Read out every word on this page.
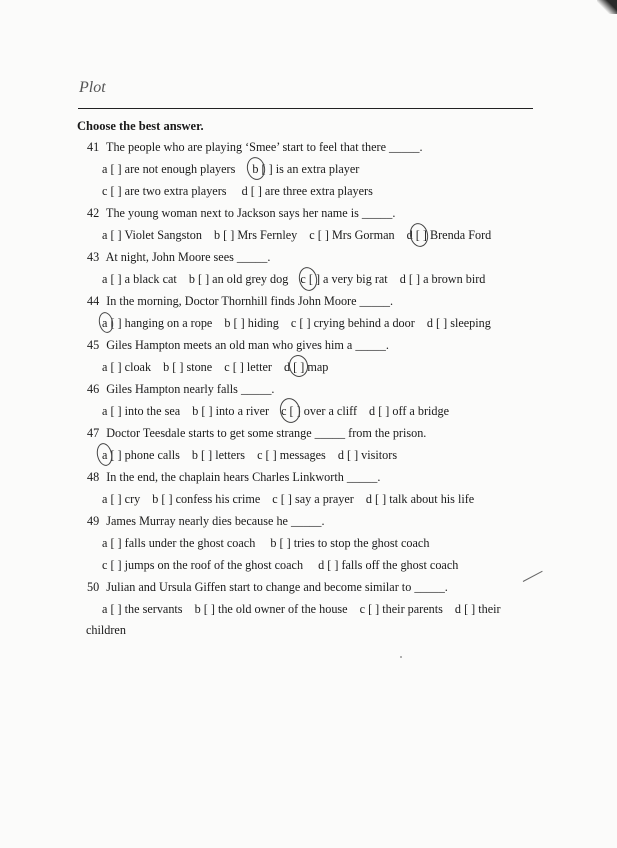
Plot
Choose the best answer.
41 The people who are playing ‘Smee’ start to feel that there _____.
a [ ] are not enough players b [ ] is an extra player
c [ ] are two extra players d [ ] are three extra players
42 The young woman next to Jackson says her name is _____.
a [ ] Violet Sangston b [ ] Mrs Fernley c [ ] Mrs Gorman d [ ] Brenda Ford
43 At night, John Moore sees _____.
a [ ] a black cat b [ ] an old grey dog c [ ] a very big rat d [ ] a brown bird
44 In the morning, Doctor Thornhill finds John Moore _____.
a [ ] hanging on a rope b [ ] hiding c [ ] crying behind a door d [ ] sleeping
45 Giles Hampton meets an old man who gives him a _____.
a [ ] cloak b [ ] stone c [ ] letter d [ ] map
46 Giles Hampton nearly falls _____.
a [ ] into the sea b [ ] into a river c [ ] over a cliff d [ ] off a bridge
47 Doctor Teesdale starts to get some strange _____ from the prison.
a [ ] phone calls b [ ] letters c [ ] messages d [ ] visitors
48 In the end, the chaplain hears Charles Linkworth _____.
a [ ] cry b [ ] confess his crime c [ ] say a prayer d [ ] talk about his life
49 James Murray nearly dies because he _____.
a [ ] falls under the ghost coach b [ ] tries to stop the ghost coach
c [ ] jumps on the roof of the ghost coach d [ ] falls off the ghost coach
50 Julian and Ursula Giffen start to change and become similar to _____.
a [ ] the servants b [ ] the old owner of the house c [ ] their parents d [ ] their
children
